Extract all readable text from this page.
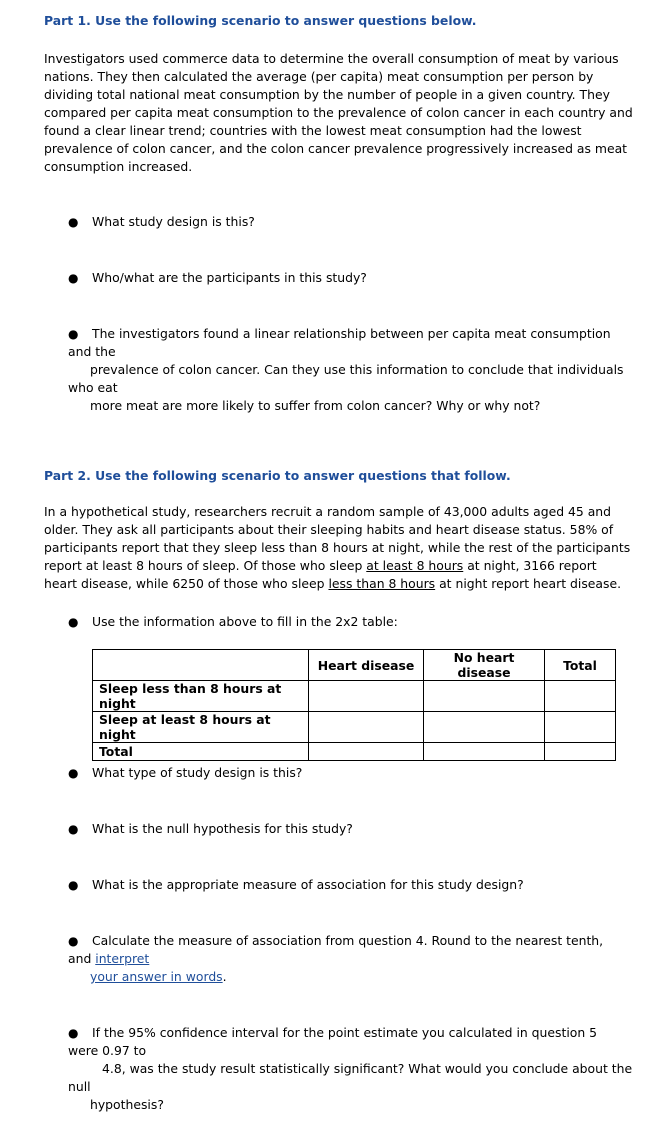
Part 1. Use the following scenario to answer questions below.
Investigators used commerce data to determine the overall consumption of meat by various
nations. They then calculated the average (per capita) meat consumption per person by
dividing total national meat consumption by the number of people in a given country. They
compared per capita meat consumption to the prevalence of colon cancer in each country and
found a clear linear trend; countries with the lowest meat consumption had the lowest
prevalence of colon cancer, and the colon cancer prevalence progressively increased as meat
consumption increased.
● What study design is this?
● Who/what are the participants in this study?
● The investigators found a linear relationship between per capita meat consumption
and the
prevalence of colon cancer. Can they use this information to conclude that individuals
who eat
more meat are more likely to suffer from colon cancer? Why or why not?
Part 2. Use the following scenario to answer questions that follow.
In a hypothetical study, researchers recruit a random sample of 43,000 adults aged 45 and
older. They ask all participants about their sleeping habits and heart disease status. 58% of
participants report that they sleep less than 8 hours at night, while the rest of the participants
report at least 8 hours of sleep. Of those who sleep at least 8 hours at night, 3166 report
heart disease, while 6250 of those who sleep less than 8 hours at night report heart disease.
● Use the information above to fill in the 2x2 table:
	Heart disease	No heart disease	Total
Sleep less than 8 hours at night			
Sleep at least 8 hours at night			
Total			
● What type of study design is this?
● What is the null hypothesis for this study?
● What is the appropriate measure of association for this study design?
● Calculate the measure of association from question 4. Round to the nearest tenth,
and interpret
your answer in words.
● If the 95% confidence interval for the point estimate you calculated in question 5
were 0.97 to
4.8, was the study result statistically significant? What would you conclude about the
null
hypothesis?
